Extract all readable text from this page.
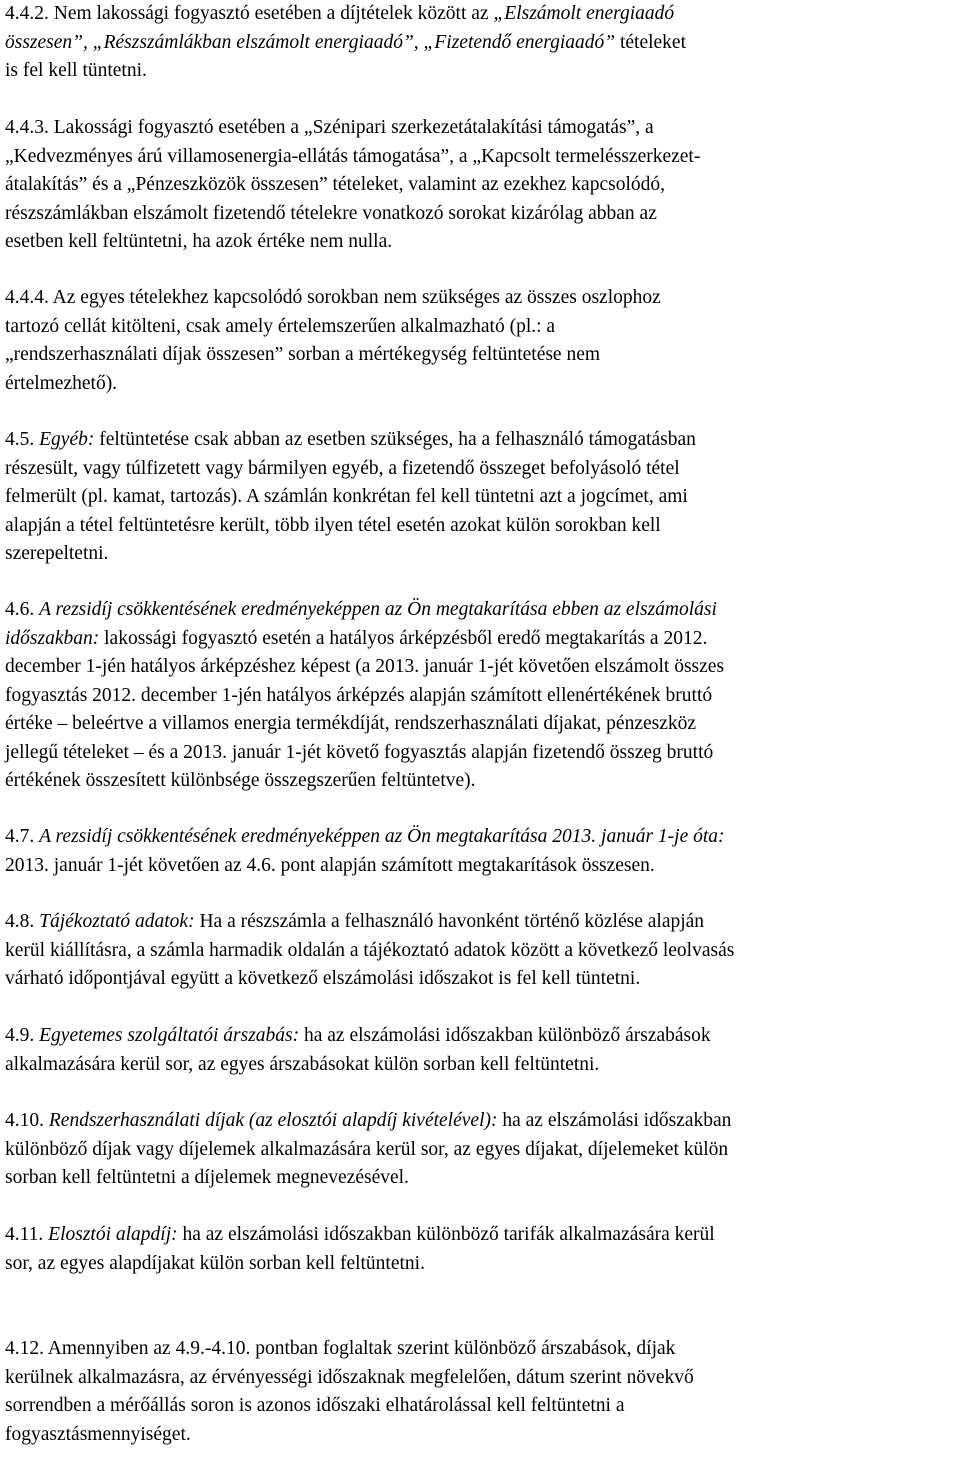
4.4.2. Nem lakossági fogyasztó esetében a díjtételek között az „Elszámolt energiaadó
összesen”, „Részszámlákban elszámolt energiaadó”, „Fizetendő energiaadó” tételeket
is fel kell tüntetni.
4.4.3. Lakossági fogyasztó esetében a „Szénipari szerkezetátalakítási támogatás”, a
„Kedvezményes árú villamosenergia-ellátás támogatása”, a „Kapcsolt termelésszerkezet-
átalakítás” és a „Pénzeszközök összesen” tételeket, valamint az ezekhez kapcsolódó,
részszámlákban elszámolt fizetendő tételekre vonatkozó sorokat kizárólag abban az
esetben kell feltüntetni, ha azok értéke nem nulla.
4.4.4. Az egyes tételekhez kapcsolódó sorokban nem szükséges az összes oszlophoz
tartozó cellát kitölteni, csak amely értelemszerűen alkalmazható (pl.: a
„rendszerhasználati díjak összesen” sorban a mértékegység feltüntetése nem
értelmezhető).
4.5. Egyéb: feltüntetése csak abban az esetben szükséges, ha a felhasználó támogatásban
részesült, vagy túlfizetett vagy bármilyen egyéb, a fizetendő összeget befolyásoló tétel
felmerült (pl. kamat, tartozás). A számlán konkrétan fel kell tüntetni azt a jogcímet, ami
alapján a tétel feltüntetésre került, több ilyen tétel esetén azokat külön sorokban kell
szerepeltetni.
4.6. A rezsidíj csökkentésének eredményeképpen az Ön megtakarítása ebben az elszámolási
időszakban: lakossági fogyasztó esetén a hatályos árképzésből eredő megtakarítás a 2012.
december 1-jén hatályos árképzéshez képest (a 2013. január 1-jét követően elszámolt összes
fogyasztás 2012. december 1-jén hatályos árképzés alapján számított ellenértékének bruttó
értéke – beleértve a villamos energia termékdíját, rendszerhasználati díjakat, pénzeszköz
jellegű tételeket – és a 2013. január 1-jét követő fogyasztás alapján fizetendő összeg bruttó
értékének összesített különbsége összegszerűen feltüntetve).
4.7. A rezsidíj csökkentésének eredményeképpen az Ön megtakarítása 2013. január 1-je óta:
2013. január 1-jét követően az 4.6. pont alapján számított megtakarítások összesen.
4.8. Tájékoztató adatok: Ha a részszámla a felhasználó havonként történő közlése alapján
kerül kiállításra, a számla harmadik oldalán a tájékoztató adatok között a következő leolvasás
várható időpontjával együtt a következő elszámolási időszakot is fel kell tüntetni.
4.9. Egyetemes szolgáltatói árszabás: ha az elszámolási időszakban különböző árszabások
alkalmazására kerül sor, az egyes árszabásokat külön sorban kell feltüntetni.
4.10. Rendszerhasználati díjak (az elosztói alapdíj kivételével): ha az elszámolási időszakban
különböző díjak vagy díjelemek alkalmazására kerül sor, az egyes díjakat, díjelemeket külön
sorban kell feltüntetni a díjelemek megnevezésével.
4.11. Elosztói alapdíj: ha az elszámolási időszakban különböző tarifák alkalmazására kerül
sor, az egyes alapdíjakat külön sorban kell feltüntetni.
4.12. Amennyiben az 4.9.-4.10. pontban foglaltak szerint különböző árszabások, díjak
kerülnek alkalmazásra, az érvényességi időszaknak megfelelően, dátum szerint növekvő
sorrendben a mérőállás soron is azonos időszaki elhatárolással kell feltüntetni a
fogyasztásmennyiséget.
